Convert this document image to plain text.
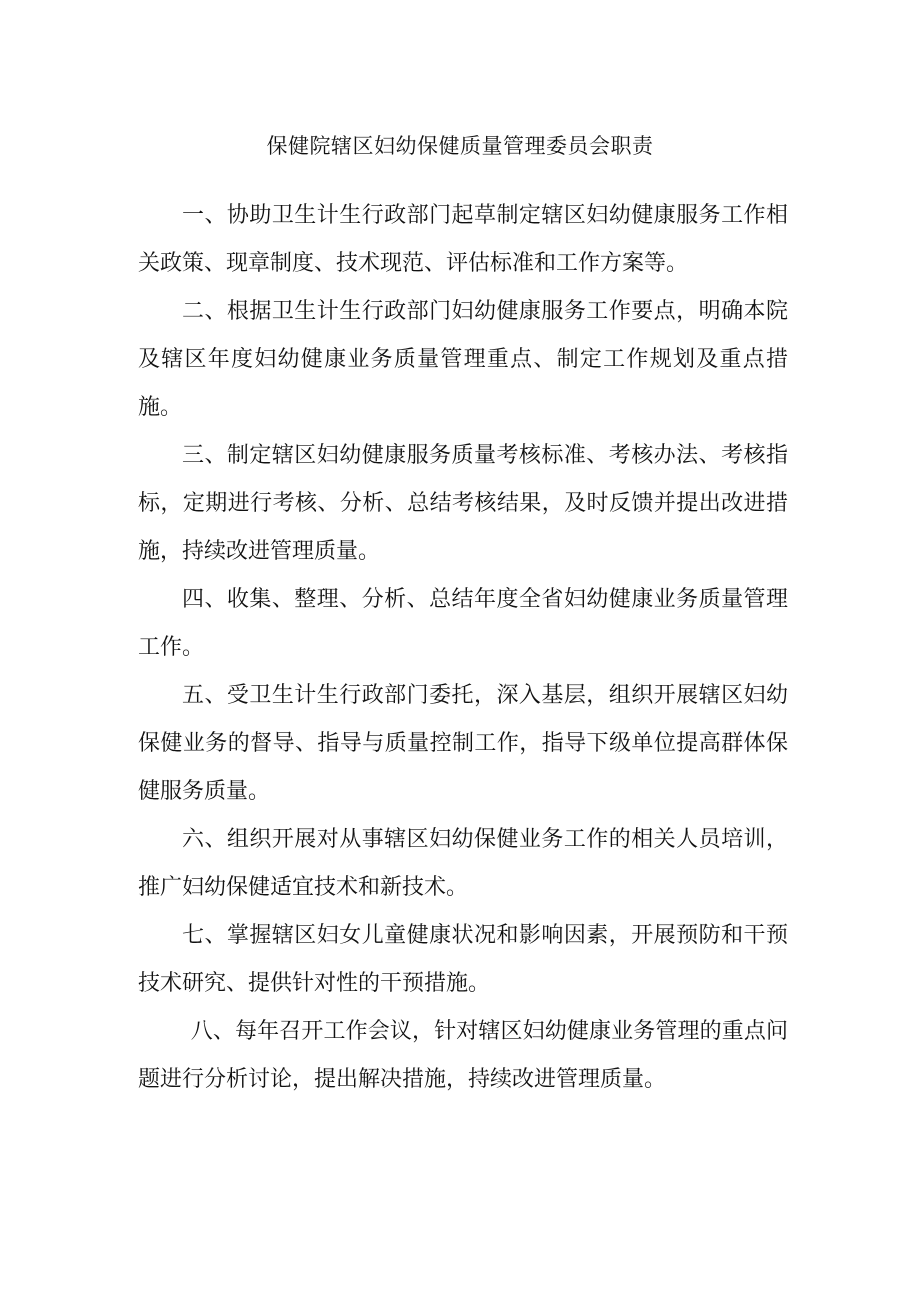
保健院辖区妇幼保健质量管理委员会职责

一、协助卫生计生行政部门起草制定辖区妇幼健康服务工作相关政策、现章制度、技术现范、评估标准和工作方案等。

二、根据卫生计生行政部门妇幼健康服务工作要点，明确本院及辖区年度妇幼健康业务质量管理重点、制定工作规划及重点措施。

三、制定辖区妇幼健康服务质量考核标准、考核办法、考核指标，定期进行考核、分析、总结考核结果，及时反馈并提出改进措施，持续改进管理质量。

四、收集、整理、分析、总结年度全省妇幼健康业务质量管理工作。

五、受卫生计生行政部门委托，深入基层，组织开展辖区妇幼保健业务的督导、指导与质量控制工作，指导下级单位提高群体保健服务质量。

六、组织开展对从事辖区妇幼保健业务工作的相关人员培训，推广妇幼保健适宜技术和新技术。

七、掌握辖区妇女儿童健康状况和影响因素，开展预防和干预技术研究、提供针对性的干预措施。

八、每年召开工作会议，针对辖区妇幼健康业务管理的重点问题进行分析讨论，提出解决措施，持续改进管理质量。
